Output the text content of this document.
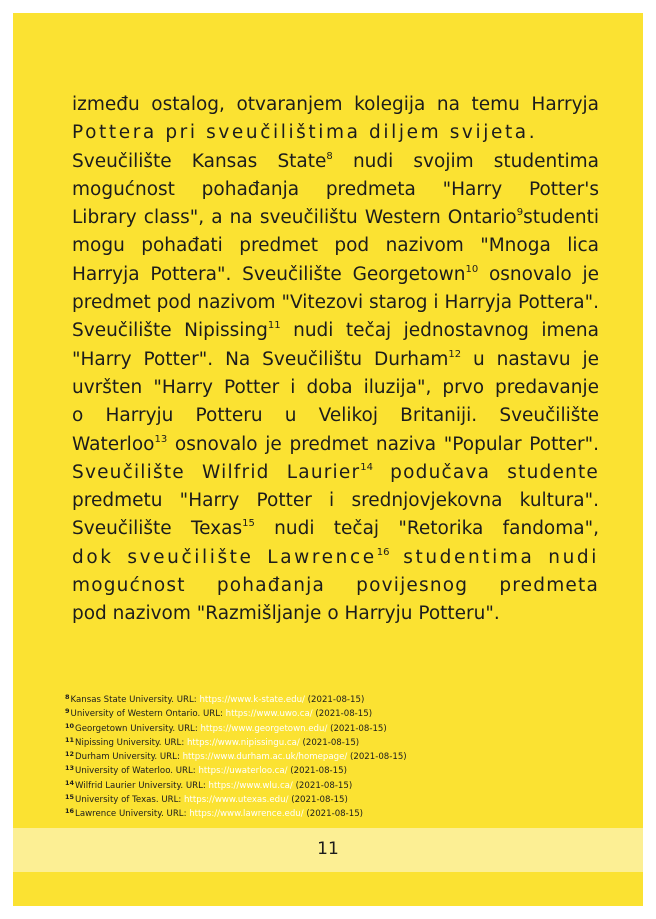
između ostalog, otvaranjem kolegija na temu Harryja
Pottera pri sveučilištima diljem svijeta.
Sveučilište Kansas State$^8$ nudi svojim studentima
mogućnost pohađanja predmeta "Harry Potter's
Library class", a na sveučilištu Western Ontario$^9$studenti
mogu pohađati predmet pod nazivom "Mnoga lica
Harryja Pottera". Sveučilište Georgetown$^{10}$ osnovalo je
predmet pod nazivom "Vitezovi starog i Harryja Pottera".
Sveučilište Nipissing$^{11}$ nudi tečaj jednostavnog imena
"Harry Potter". Na Sveučilištu Durham$^{12}$ u nastavu je
uvršten "Harry Potter i doba iluzija", prvo predavanje
o Harryju Potteru u Velikoj Britaniji. Sveučilište
Waterloo$^{13}$ osnovalo je predmet naziva "Popular Potter".
Sveučilište Wilfrid Laurier$^{14}$ podučava studente
predmetu "Harry Potter i srednjovjekovna kultura".
Sveučilište Texas$^{15}$ nudi tečaj "Retorika fandoma",
dok sveučilište Lawrence$^{16}$ studentima nudi
mogućnost pohađanja povijesnog predmeta
pod nazivom "Razmišljanje o Harryju Potteru".
$^8$Kansas State University. URL: https://www.k-state.edu/ (2021-08-15)
$^9$University of Western Ontario. URL: https://www.uwo.ca/ (2021-08-15)
$^{10}$Georgetown University. URL: https://www.georgetown.edu/ (2021-08-15)
$^{11}$Nipissing University. URL: https://www.nipissingu.ca/ (2021-08-15)
$^{12}$Durham University. URL: https://www.durham.ac.uk/homepage/ (2021-08-15)
$^{13}$University of Waterloo. URL: https://uwaterloo.ca/ (2021-08-15)
$^{14}$Wilfrid Laurier University. URL: https://www.wlu.ca/ (2021-08-15)
$^{15}$University of Texas. URL: https://www.utexas.edu/ (2021-08-15)
$^{16}$Lawrence University. URL: https://www.lawrence.edu/ (2021-08-15)
11
